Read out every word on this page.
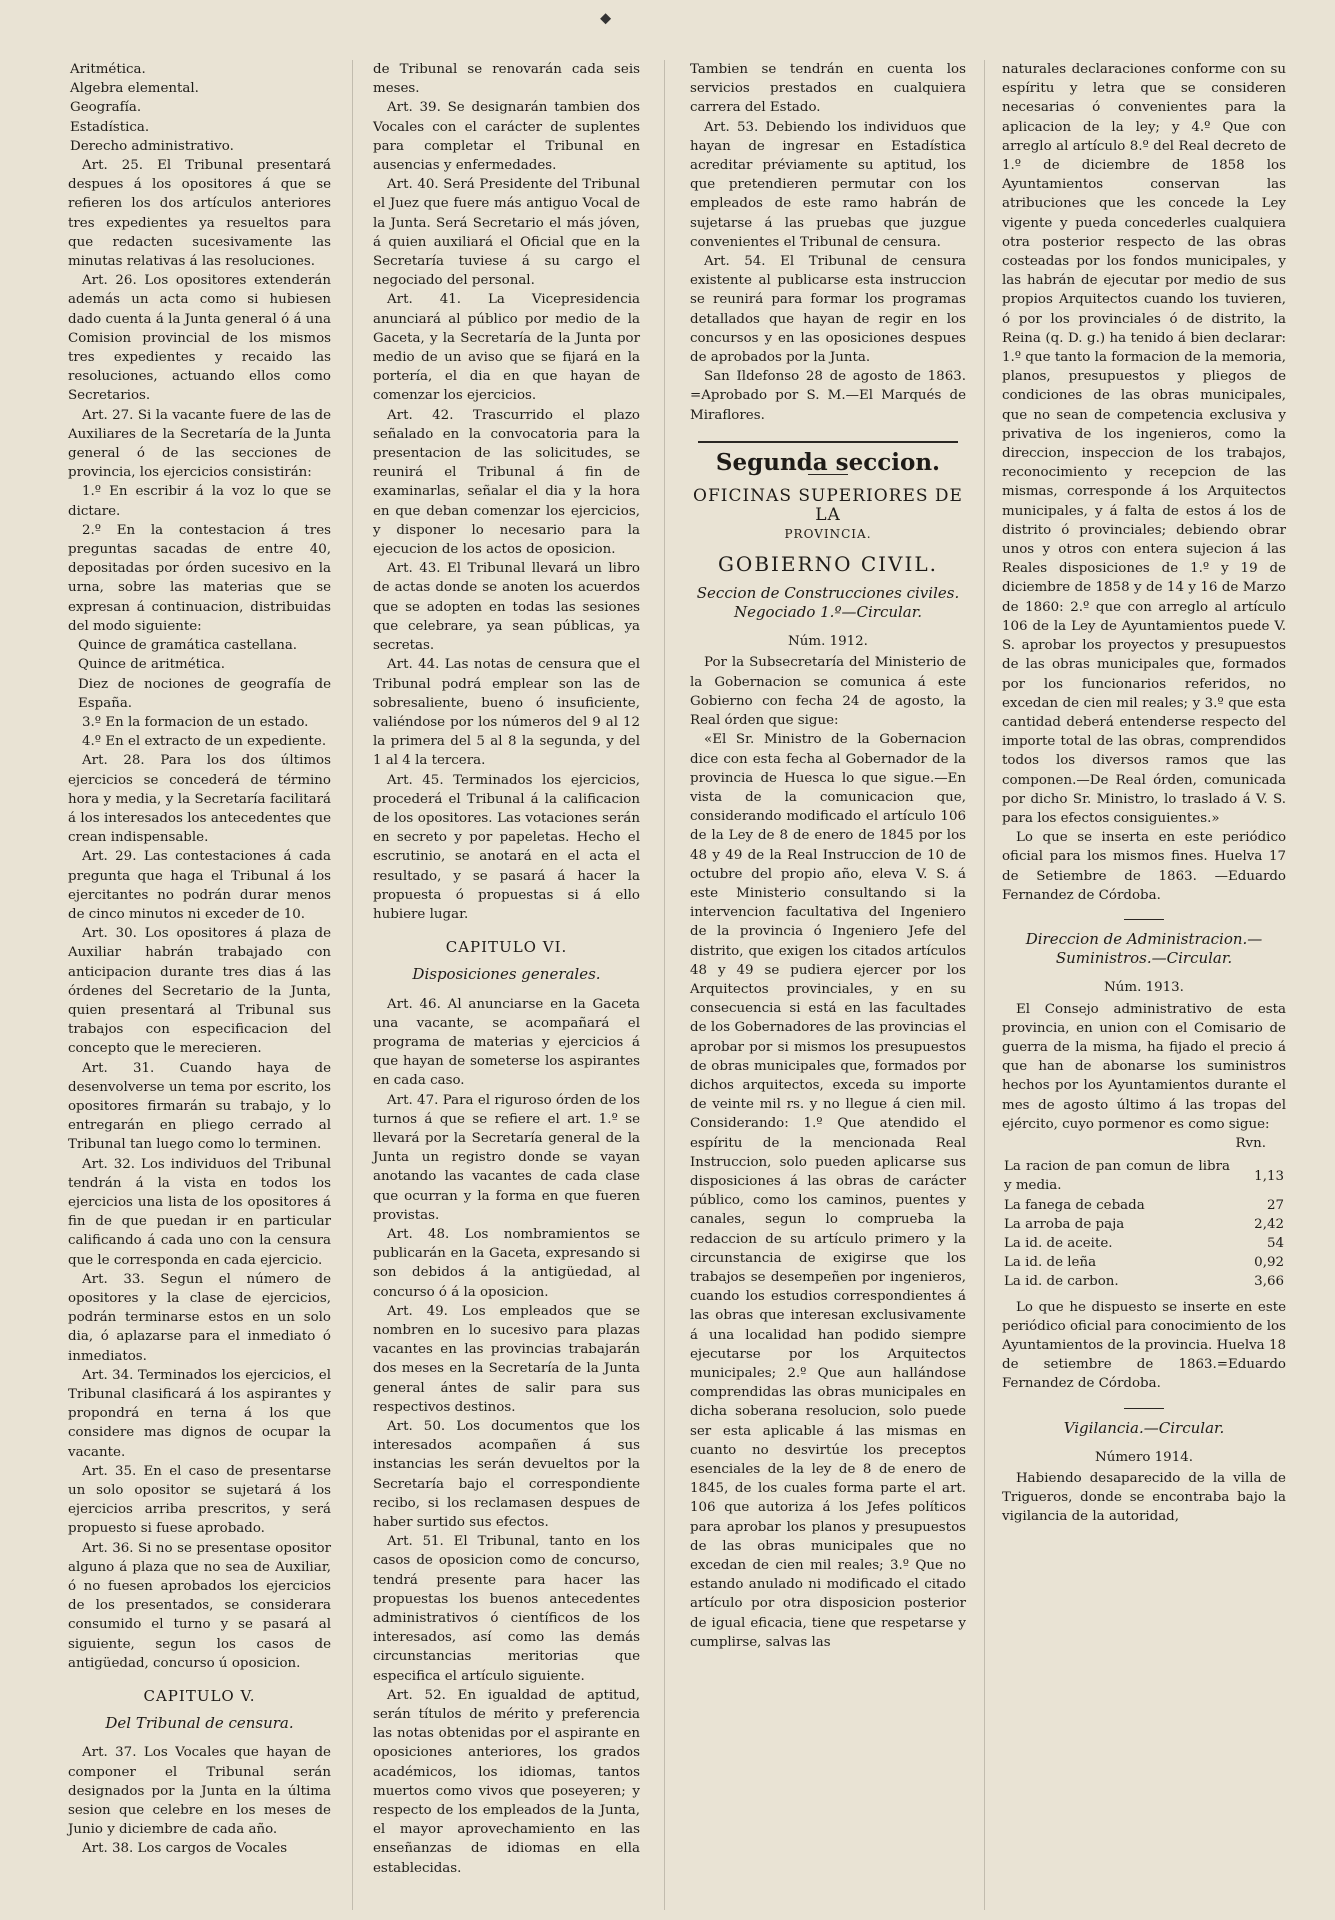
⬥

Aritmética.

Algebra elemental.

Geografía.

Estadística.

Derecho administrativo.

Art. 25. El Tribunal presentará despues á los opositores á que se refieren los dos artículos anteriores tres expedientes ya resueltos para que redacten sucesivamente las minutas relativas á las resoluciones.

Art. 26. Los opositores extenderán además un acta como si hubiesen dado cuenta á la Junta general ó á una Comision provincial de los mismos tres expedientes y recaido las resoluciones, actuando ellos como Secretarios.

Art. 27. Si la vacante fuere de las de Auxiliares de la Secretaría de la Junta general ó de las secciones de provincia, los ejercicios consistirán:

1.º En escribir á la voz lo que se dictare.

2.º En la contestacion á tres preguntas sacadas de entre 40, depositadas por órden sucesivo en la urna, sobre las materias que se expresan á continuacion, distribuidas del modo siguiente:

Quince de gramática castellana.

Quince de aritmética.

Diez de nociones de geografía de España.

3.º En la formacion de un estado.

4.º En el extracto de un expediente.

Art. 28. Para los dos últimos ejercicios se concederá de término hora y media, y la Secretaría facilitará á los interesados los antecedentes que crean indispensable.

Art. 29. Las contestaciones á cada pregunta que haga el Tribunal á los ejercitantes no podrán durar menos de cinco minutos ni exceder de 10.

Art. 30. Los opositores á plaza de Auxiliar habrán trabajado con anticipacion durante tres dias á las órdenes del Secretario de la Junta, quien presentará al Tribunal sus trabajos con especificacion del concepto que le merecieren.

Art. 31. Cuando haya de desenvolverse un tema por escrito, los opositores firmarán su trabajo, y lo entregarán en pliego cerrado al Tribunal tan luego como lo terminen.

Art. 32. Los individuos del Tribunal tendrán á la vista en todos los ejercicios una lista de los opositores á fin de que puedan ir en particular calificando á cada uno con la censura que le corresponda en cada ejercicio.

Art. 33. Segun el número de opositores y la clase de ejercicios, podrán terminarse estos en un solo dia, ó aplazarse para el inmediato ó inmediatos.

Art. 34. Terminados los ejercicios, el Tribunal clasificará á los aspirantes y propondrá en terna á los que considere mas dignos de ocupar la vacante.

Art. 35. En el caso de presentarse un solo opositor se sujetará á los ejercicios arriba prescritos, y será propuesto si fuese aprobado.

Art. 36. Si no se presentase opositor alguno á plaza que no sea de Auxiliar, ó no fuesen aprobados los ejercicios de los presentados, se considerara consumido el turno y se pasará al siguiente, segun los casos de antigüedad, concurso ú oposicion.

CAPITULO V.
Del Tribunal de censura.

Art. 37. Los Vocales que hayan de componer el Tribunal serán designados por la Junta en la última sesion que celebre en los meses de Junio y diciembre de cada año.

Art. 38. Los cargos de Vocales

de Tribunal se renovarán cada seis meses.

Art. 39. Se designarán tambien dos Vocales con el carácter de suplentes para completar el Tribunal en ausencias y enfermedades.

Art. 40. Será Presidente del Tribunal el Juez que fuere más antiguo Vocal de la Junta. Será Secretario el más jóven, á quien auxiliará el Oficial que en la Secretaría tuviese á su cargo el negociado del personal.

Art. 41. La Vicepresidencia anunciará al público por medio de la Gaceta, y la Secretaría de la Junta por medio de un aviso que se fijará en la portería, el dia en que hayan de comenzar los ejercicios.

Art. 42. Trascurrido el plazo señalado en la convocatoria para la presentacion de las solicitudes, se reunirá el Tribunal á fin de examinarlas, señalar el dia y la hora en que deban comenzar los ejercicios, y disponer lo necesario para la ejecucion de los actos de oposicion.

Art. 43. El Tribunal llevará un libro de actas donde se anoten los acuerdos que se adopten en todas las sesiones que celebrare, ya sean públicas, ya secretas.

Art. 44. Las notas de censura que el Tribunal podrá emplear son las de sobresaliente, bueno ó insuficiente, valiéndose por los números del 9 al 12 la primera del 5 al 8 la segunda, y del 1 al 4 la tercera.

Art. 45. Terminados los ejercicios, procederá el Tribunal á la calificacion de los opositores. Las votaciones serán en secreto y por papeletas. Hecho el escrutinio, se anotará en el acta el resultado, y se pasará á hacer la propuesta ó propuestas si á ello hubiere lugar.

CAPITULO VI.
Disposiciones generales.

Art. 46. Al anunciarse en la Gaceta una vacante, se acompañará el programa de materias y ejercicios á que hayan de someterse los aspirantes en cada caso.

Art. 47. Para el riguroso órden de los turnos á que se refiere el art. 1.º se llevará por la Secretaría general de la Junta un registro donde se vayan anotando las vacantes de cada clase que ocurran y la forma en que fueren provistas.

Art. 48. Los nombramientos se publicarán en la Gaceta, expresando si son debidos á la antigüedad, al concurso ó á la oposicion.

Art. 49. Los empleados que se nombren en lo sucesivo para plazas vacantes en las provincias trabajarán dos meses en la Secretaría de la Junta general ántes de salir para sus respectivos destinos.

Art. 50. Los documentos que los interesados acompañen á sus instancias les serán devueltos por la Secretaría bajo el correspondiente recibo, si los reclamasen despues de haber surtido sus efectos.

Art. 51. El Tribunal, tanto en los casos de oposicion como de concurso, tendrá presente para hacer las propuestas los buenos antecedentes administrativos ó científicos de los interesados, así como las demás circunstancias meritorias que especifica el artículo siguiente.

Art. 52. En igualdad de aptitud, serán títulos de mérito y preferencia las notas obtenidas por el aspirante en oposiciones anteriores, los grados académicos, los idiomas, tantos muertos como vivos que poseyeren; y respecto de los empleados de la Junta, el mayor aprovechamiento en las enseñanzas de idiomas en ella establecidas.

Tambien se tendrán en cuenta los servicios prestados en cualquiera carrera del Estado.

Art. 53. Debiendo los individuos que hayan de ingresar en Estadística acreditar préviamente su aptitud, los que pretendieren permutar con los empleados de este ramo habrán de sujetarse á las pruebas que juzgue convenientes el Tribunal de censura.

Art. 54. El Tribunal de censura existente al publicarse esta instruccion se reunirá para formar los programas detallados que hayan de regir en los concursos y en las oposiciones despues de aprobados por la Junta.

San Ildefonso 28 de agosto de 1863. =Aprobado por S. M.—El Marqués de Miraflores.

Segunda seccion.
OFICINAS SUPERIORES DE LA
PROVINCIA.
GOBIERNO CIVIL.
Seccion de Construcciones civiles. Negociado 1.º—Circular.
Núm. 1912.

Por la Subsecretaría del Ministerio de la Gobernacion se comunica á este Gobierno con fecha 24 de agosto, la Real órden que sigue:

«El Sr. Ministro de la Gobernacion dice con esta fecha al Gobernador de la provincia de Huesca lo que sigue.—En vista de la comunicacion que, considerando modificado el artículo 106 de la Ley de 8 de enero de 1845 por los 48 y 49 de la Real Instruccion de 10 de octubre del propio año, eleva V. S. á este Ministerio consultando si la intervencion facultativa del Ingeniero de la provincia ó Ingeniero Jefe del distrito, que exigen los citados artículos 48 y 49 se pudiera ejercer por los Arquitectos provinciales, y en su consecuencia si está en las facultades de los Gobernadores de las provincias el aprobar por si mismos los presupuestos de obras municipales que, formados por dichos arquitectos, exceda su importe de veinte mil rs. y no llegue á cien mil. Considerando: 1.º Que atendido el espíritu de la mencionada Real Instruccion, solo pueden aplicarse sus disposiciones á las obras de carácter público, como los caminos, puentes y canales, segun lo comprueba la redaccion de su artículo primero y la circunstancia de exigirse que los trabajos se desempeñen por ingenieros, cuando los estudios correspondientes á las obras que interesan exclusivamente á una localidad han podido siempre ejecutarse por los Arquitectos municipales; 2.º Que aun hallándose comprendidas las obras municipales en dicha soberana resolucion, solo puede ser esta aplicable á las mismas en cuanto no desvirtúe los preceptos esenciales de la ley de 8 de enero de 1845, de los cuales forma parte el art. 106 que autoriza á los Jefes políticos para aprobar los planos y presupuestos de las obras municipales que no excedan de cien mil reales; 3.º Que no estando anulado ni modificado el citado artículo por otra disposicion posterior de igual eficacia, tiene que respetarse y cumplirse, salvas las

naturales declaraciones conforme con su espíritu y letra que se consideren necesarias ó convenientes para la aplicacion de la ley; y 4.º Que con arreglo al artículo 8.º del Real decreto de 1.º de diciembre de 1858 los Ayuntamientos conservan las atribuciones que les concede la Ley vigente y pueda concederles cualquiera otra posterior respecto de las obras costeadas por los fondos municipales, y las habrán de ejecutar por medio de sus propios Arquitectos cuando los tuvieren, ó por los provinciales ó de distrito, la Reina (q. D. g.) ha tenido á bien declarar: 1.º que tanto la formacion de la memoria, planos, presupuestos y pliegos de condiciones de las obras municipales, que no sean de competencia exclusiva y privativa de los ingenieros, como la direccion, inspeccion de los trabajos, reconocimiento y recepcion de las mismas, corresponde á los Arquitectos municipales, y á falta de estos á los de distrito ó provinciales; debiendo obrar unos y otros con entera sujecion á las Reales disposiciones de 1.º y 19 de diciembre de 1858 y de 14 y 16 de Marzo de 1860: 2.º que con arreglo al artículo 106 de la Ley de Ayuntamientos puede V. S. aprobar los proyectos y presupuestos de las obras municipales que, formados por los funcionarios referidos, no excedan de cien mil reales; y 3.º que esta cantidad deberá entenderse respecto del importe total de las obras, comprendidos todos los diversos ramos que las componen.—De Real órden, comunicada por dicho Sr. Ministro, lo traslado á V. S. para los efectos consiguientes.»

Lo que se inserta en este periódico oficial para los mismos fines. Huelva 17 de Setiembre de 1863. —Eduardo Fernandez de Córdoba.

Direccion de Administracion.—Suministros.—Circular.
Núm. 1913.

El Consejo administrativo de esta provincia, en union con el Comisario de guerra de la misma, ha fijado el precio á que han de abonarse los suministros hechos por los Ayuntamientos durante el mes de agosto último á las tropas del ejército, cuyo pormenor es como sigue:

Rvn.
La racion de pan comun de libra y media.	1,13
La fanega de cebada	27
La arroba de paja	2,42
La id. de aceite.	54
La id. de leña	0,92
La id. de carbon.	3,66

Lo que he dispuesto se inserte en este periódico oficial para conocimiento de los Ayuntamientos de la provincia. Huelva 18 de setiembre de 1863.=Eduardo Fernandez de Córdoba.

Vigilancia.—Circular.
Número 1914.

Habiendo desaparecido de la villa de Trigueros, donde se encontraba bajo la vigilancia de la autoridad,
